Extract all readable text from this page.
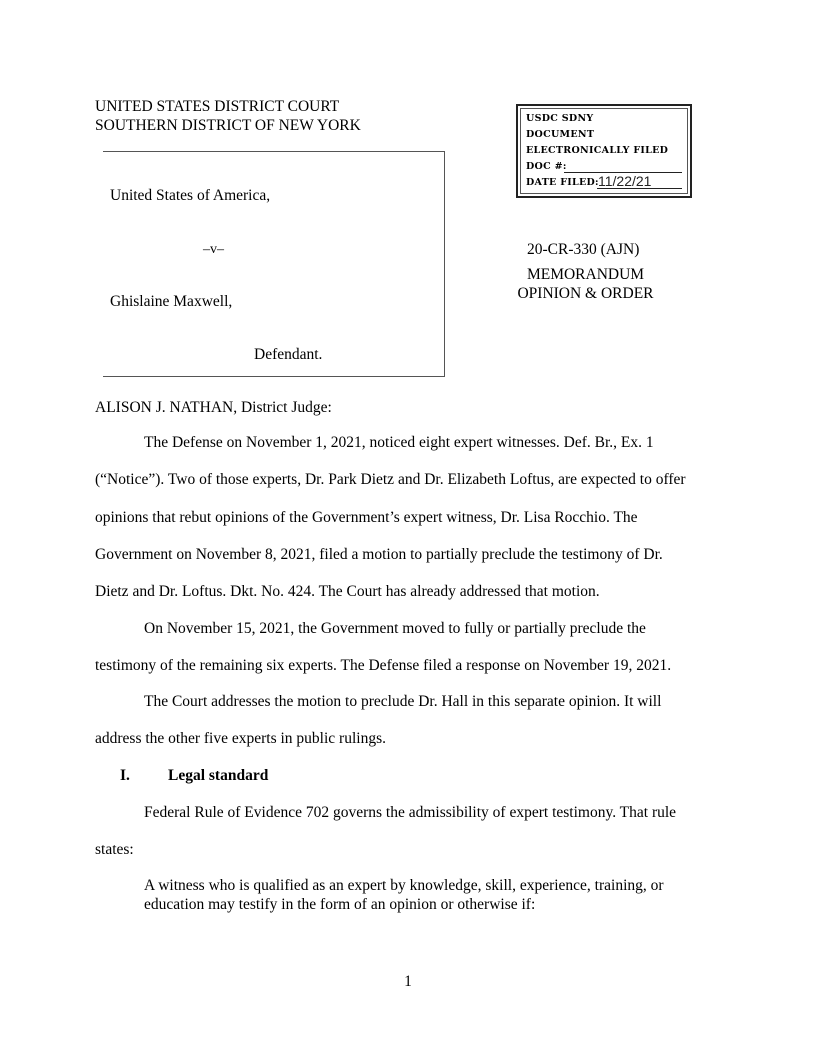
UNITED STATES DISTRICT COURT
SOUTHERN DISTRICT OF NEW YORK
United States of America,
–v–
Ghislaine Maxwell,
Defendant.
USDC SDNY
DOCUMENT
ELECTRONICALLY FILED
DOC #:
DATE FILED: 11/22/21
20-CR-330 (AJN)
MEMORANDUM
OPINION & ORDER
ALISON J. NATHAN, District Judge:
The Defense on November 1, 2021, noticed eight expert witnesses. Def. Br., Ex. 1
(“Notice”). Two of those experts, Dr. Park Dietz and Dr. Elizabeth Loftus, are expected to offer
opinions that rebut opinions of the Government’s expert witness, Dr. Lisa Rocchio. The
Government on November 8, 2021, filed a motion to partially preclude the testimony of Dr.
Dietz and Dr. Loftus. Dkt. No. 424. The Court has already addressed that motion.
On November 15, 2021, the Government moved to fully or partially preclude the
testimony of the remaining six experts. The Defense filed a response on November 19, 2021.
The Court addresses the motion to preclude Dr. Hall in this separate opinion. It will
address the other five experts in public rulings.
I. Legal standard
Federal Rule of Evidence 702 governs the admissibility of expert testimony. That rule
states:
A witness who is qualified as an expert by knowledge, skill, experience, training, or
education may testify in the form of an opinion or otherwise if:
1
